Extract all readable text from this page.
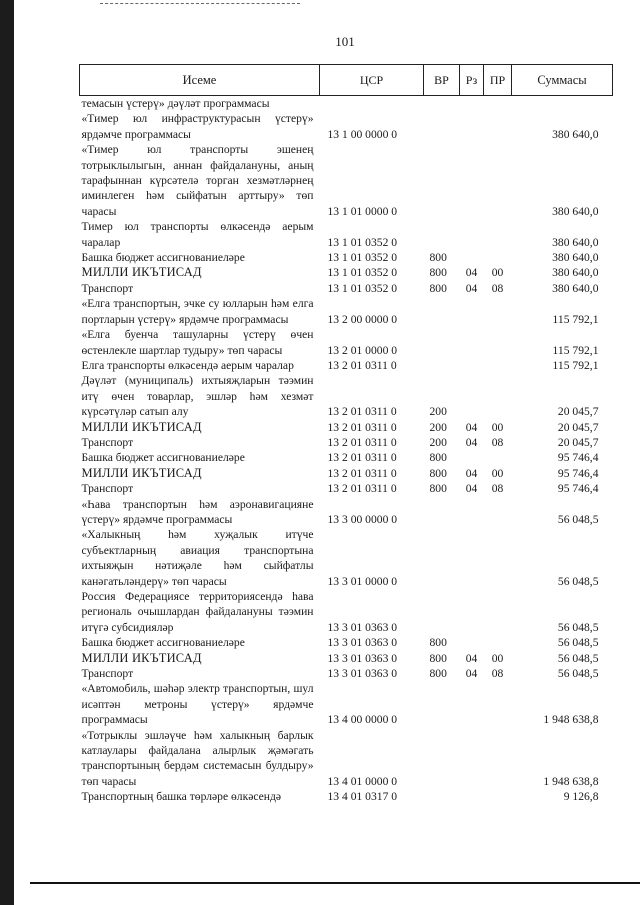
101
Исеме	ЦСР	ВР	Рз	ПР	Суммасы
темасын үстерү» дәүләт программасы					
«Тимер юл инфраструктурасын үстерү» ярдәмче программасы	13 1 00 0000 0				380 640,0
«Тимер юл транспорты эшенең тотрыклылыгын, аннан файдалануны, аның тарафыннан күрсәтелә торган хезмәтләрнең иминлеген һәм сыйфатын арттыру» төп чарасы	13 1 01 0000 0				380 640,0
Тимер юл транспорты өлкәсендә аерым чаралар	13 1 01 0352 0				380 640,0
Башка бюджет ассигнованиеләре	13 1 01 0352 0	800			380 640,0
МИЛЛИ ИКЪТИСАД	13 1 01 0352 0	800	04	00	380 640,0
Транспорт	13 1 01 0352 0	800	04	08	380 640,0
«Елга транспортын, эчке су юлларын һәм елга портларын үстерү» ярдәмче программасы	13 2 00 0000 0				115 792,1
«Елга буенча ташуларны үстерү өчен өстенлекле шартлар тудыру» төп чарасы	13 2 01 0000 0				115 792,1
Елга транспорты өлкәсендә аерым чаралар	13 2 01 0311 0				115 792,1
Дәүләт (муниципаль) ихтыяҗларын тәэмин итү өчен товарлар, эшләр һәм хезмәт күрсәтүләр сатып алу	13 2 01 0311 0	200			20 045,7
МИЛЛИ ИКЪТИСАД	13 2 01 0311 0	200	04	00	20 045,7
Транспорт	13 2 01 0311 0	200	04	08	20 045,7
Башка бюджет ассигнованиеләре	13 2 01 0311 0	800			95 746,4
МИЛЛИ ИКЪТИСАД	13 2 01 0311 0	800	04	00	95 746,4
Транспорт	13 2 01 0311 0	800	04	08	95 746,4
«Һава транспортын һәм аэронавигацияне үстерү» ярдәмче программасы	13 3 00 0000 0				56 048,5
«Халыкның һәм хуҗалык итүче субъектларның авиация транспортына ихтыяҗын нәтиҗәле һәм сыйфатлы канәгатьләндерү» төп чарасы	13 3 01 0000 0				56 048,5
Россия Федерациясе территориясендә һава региональ очышлардан файдалануны тәэмин итүгә субсидияләр	13 3 01 0363 0				56 048,5
Башка бюджет ассигнованиеләре	13 3 01 0363 0	800			56 048,5
МИЛЛИ ИКЪТИСАД	13 3 01 0363 0	800	04	00	56 048,5
Транспорт	13 3 01 0363 0	800	04	08	56 048,5
«Автомобиль, шәһәр электр транспортын, шул исәптән метроны үстерү» ярдәмче программасы	13 4 00 0000 0				1 948 638,8
«Тотрыклы эшләүче һәм халыкның барлык катлаулары файдалана алырлык җәмәгать транспортының бердәм системасын булдыру» төп чарасы	13 4 01 0000 0				1 948 638,8
Транспортның башка төрләре өлкәсендә	13 4 01 0317 0				9 126,8
